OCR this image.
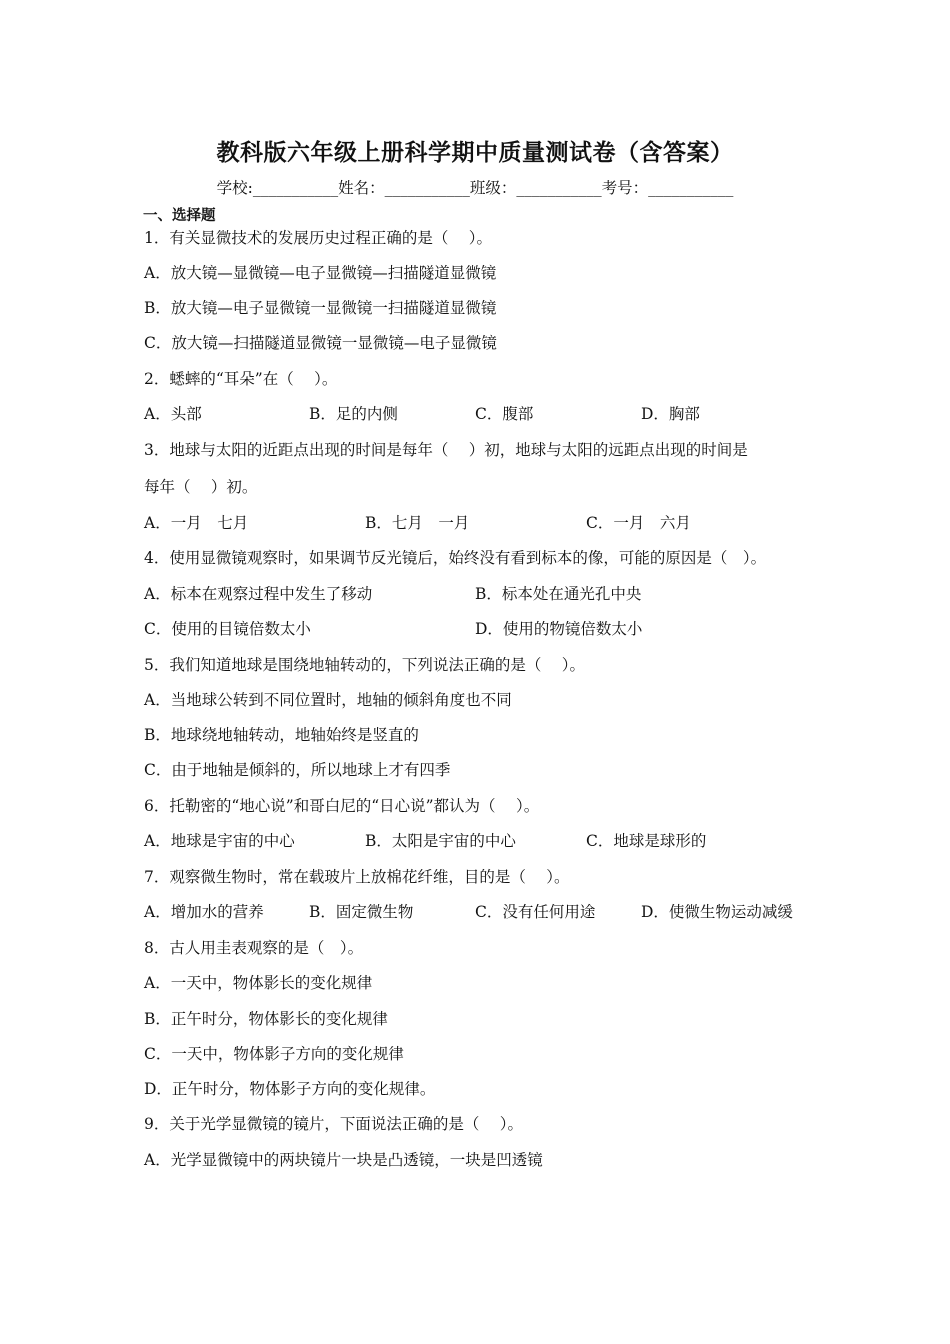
教科版六年级上册科学期中质量测试卷（含答案）
学校:___________姓名：___________班级：___________考号：___________
一、选择题
1．有关显微技术的发展历史过程正确的是（　 ）。
A．放大镜—显微镜—电子显微镜—扫描隧道显微镜
B．放大镜—电子显微镜一显微镜一扫描隧道显微镜
C．放大镜—扫描隧道显微镜一显微镜—电子显微镜
2．蟋蟀的“耳朵”在（　 ）。
A．头部	B．足的内侧	C．腹部	D．胸部
3．地球与太阳的近距点出现的时间是每年（　 ）初，地球与太阳的远距点出现的时间是
每年（　 ）初。
A．一月　七月	B．七月　一月	C．一月　六月
4．使用显微镜观察时，如果调节反光镜后，始终没有看到标本的像，可能的原因是（　）。
A．标本在观察过程中发生了移动	B．标本处在通光孔中央
C．使用的目镜倍数太小	D．使用的物镜倍数太小
5．我们知道地球是围绕地轴转动的，下列说法正确的是（　 ）。
A．当地球公转到不同位置时，地轴的倾斜角度也不同
B．地球绕地轴转动，地轴始终是竖直的
C．由于地轴是倾斜的，所以地球上才有四季
6．托勒密的“地心说”和哥白尼的“日心说”都认为（　 ）。
A．地球是宇宙的中心	B．太阳是宇宙的中心	C．地球是球形的
7．观察微生物时，常在载玻片上放棉花纤维，目的是（　 ）。
A．增加水的营养	B．固定微生物	C．没有任何用途	D．使微生物运动减缓
8．古人用圭表观察的是（　）。
A．一天中，物体影长的变化规律
B．正午时分，物体影长的变化规律
C．一天中，物体影子方向的变化规律
D．正午时分，物体影子方向的变化规律。
9．关于光学显微镜的镜片，下面说法正确的是（　 ）。
A．光学显微镜中的两块镜片一块是凸透镜，一块是凹透镜
